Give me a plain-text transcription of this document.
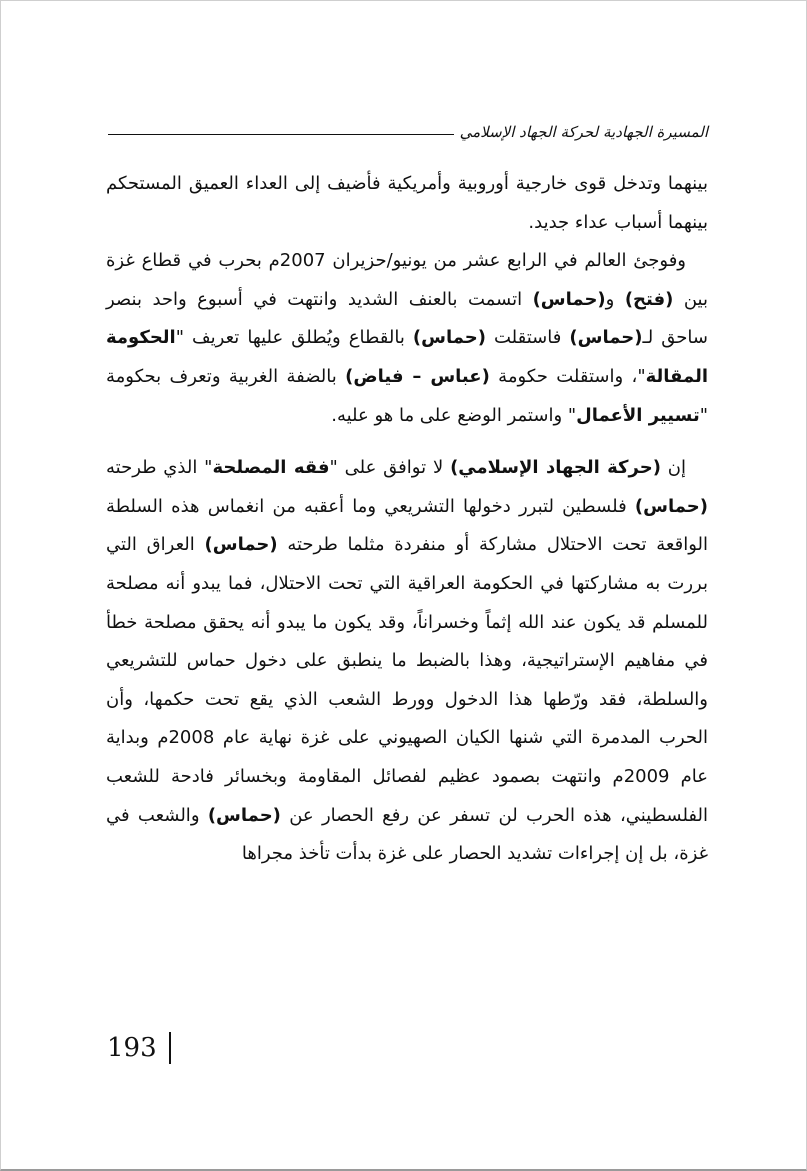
المسيرة الجهادية لحركة الجهاد الإسلامي

بينهما وتدخل قوى خارجية أوروبية وأمريكية فأضيف إلى العداء العميق المستحكم بينهما أسباب عداء جديد.

وفوجئ العالم في الرابع عشر من يونيو/حزيران 2007م بحرب في قطاع غزة بين (فتح) و(حماس) اتسمت بالعنف الشديد وانتهت في أسبوع واحد بنصر ساحق لـ(حماس) فاستقلت (حماس) بالقطاع ويُطلق عليها تعريف "الحكومة المقالة"، واستقلت حكومة (عباس – فياض) بالضفة الغربية وتعرف بحكومة "تسيير الأعمال" واستمر الوضع على ما هو عليه.

إن (حركة الجهاد الإسلامي) لا توافق على "فقه المصلحة" الذي طرحته (حماس) فلسطين لتبرر دخولها التشريعي وما أعقبه من انغماس هذه السلطة الواقعة تحت الاحتلال مشاركة أو منفردة مثلما طرحته (حماس) العراق التي بررت به مشاركتها في الحكومة العراقية التي تحت الاحتلال، فما يبدو أنه مصلحة للمسلم قد يكون عند الله إثماً وخسراناً، وقد يكون ما يبدو أنه يحقق مصلحة خطأ في مفاهيم الإستراتيجية، وهذا بالضبط ما ينطبق على دخول حماس للتشريعي والسلطة، فقد ورّطها هذا الدخول وورط الشعب الذي يقع تحت حكمها، وأن الحرب المدمرة التي شنها الكيان الصهيوني على غزة نهاية عام 2008م وبداية عام 2009م وانتهت بصمود عظيم لفصائل المقاومة وبخسائر فادحة للشعب الفلسطيني، هذه الحرب لن تسفر عن رفع الحصار عن (حماس) والشعب في غزة، بل إن إجراءات تشديد الحصار على غزة بدأت تأخذ مجراها

193
